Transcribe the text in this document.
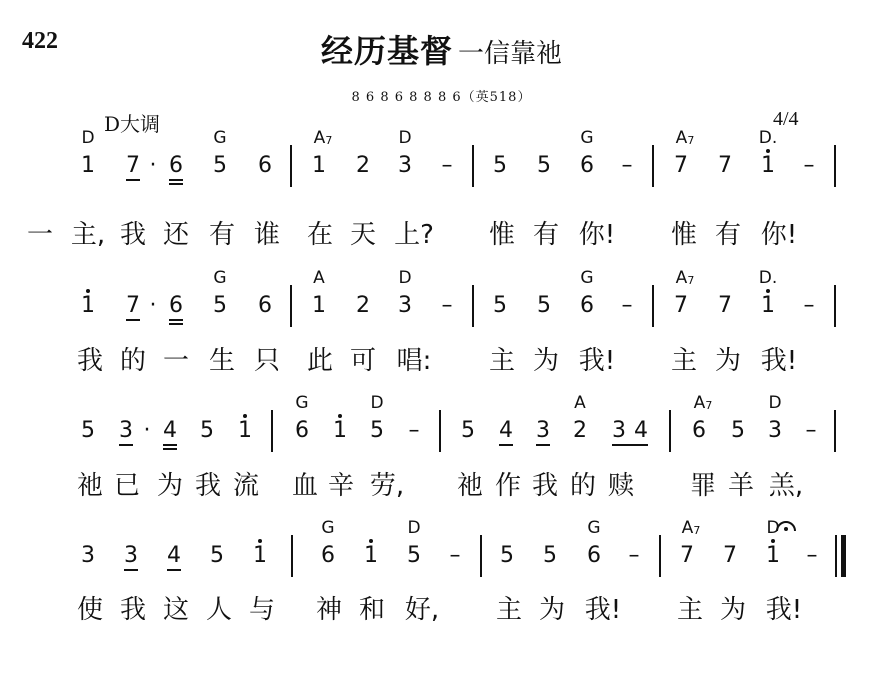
422	经历基督 一信靠祂
8 6 8 6 8 8 8 6（英518）
D大调	4/4
1
D
7 · 6 5
G
6 1
$A_7$
2 3
D
– 5 5 6
G
– 7
$A_7$
7 1
D.
–
一 主, 我 还 有 谁 在 天 上? 惟 有 你! 惟 有 你!
1 7 · 6 5
G
6 1
A
2 3
D
– 5 5 6
G
– 7
$A_7$
7 1
D.
–
我 的 一 生 只 此 可 唱: 主 为 我! 主 为 我!
5 3 · 4 5 1 6
G
1 5
D
– 5 4 3 2
A
3 4 6
$A_7$
5 3
D
–
祂 已 为 我 流 血 辛 劳, 祂 作 我 的 赎 罪 羊 羔,
3 3 4 5 1 6
G
1 5
D
– 5 5 6
G
– 7
$A_7$
7 1
D
–
使 我 这 人 与 神 和 好, 主 为 我! 主 为 我!
